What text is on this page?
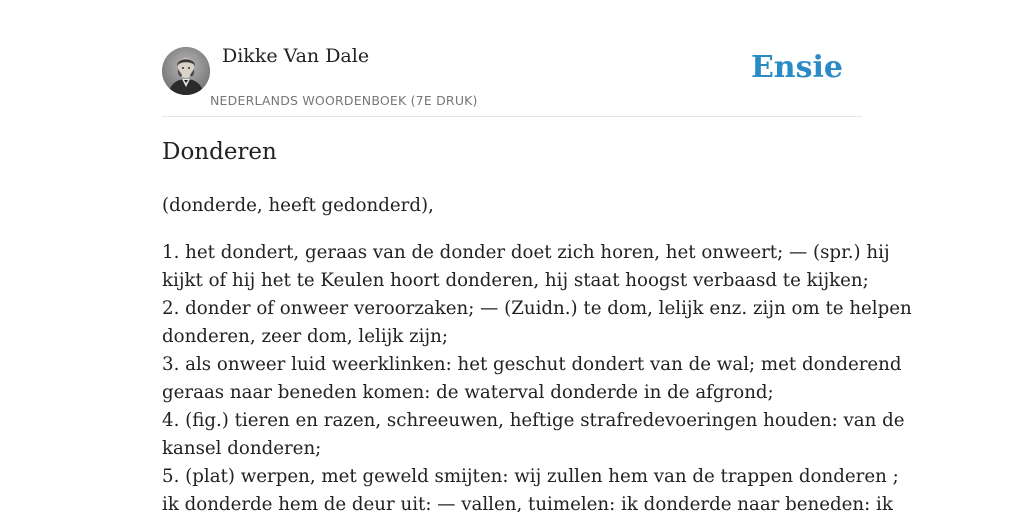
Dikke Van Dale
NEDERLANDS WOORDENBOEK (7E DRUK)
Ensie
Donderen
(donderde, heeft gedonderd),
1. het dondert, geraas van de donder doet zich horen, het onweert; — (spr.) hij
kijkt of hij het te Keulen hoort donderen, hij staat hoogst verbaasd te kijken;
2. donder of onweer veroorzaken; — (Zuidn.) te dom, lelijk enz. zijn om te helpen
donderen, zeer dom, lelijk zijn;
3. als onweer luid weerklinken: het geschut dondert van de wal; met donderend
geraas naar beneden komen: de waterval donderde in de afgrond;
4. (fig.) tieren en razen, schreeuwen, heftige strafredevoeringen houden: van de
kansel donderen;
5. (plat) werpen, met geweld smijten: wij zullen hem van de trappen donderen ;
ik donderde hem de deur uit: — vallen, tuimelen: ik donderde naar beneden: ik
